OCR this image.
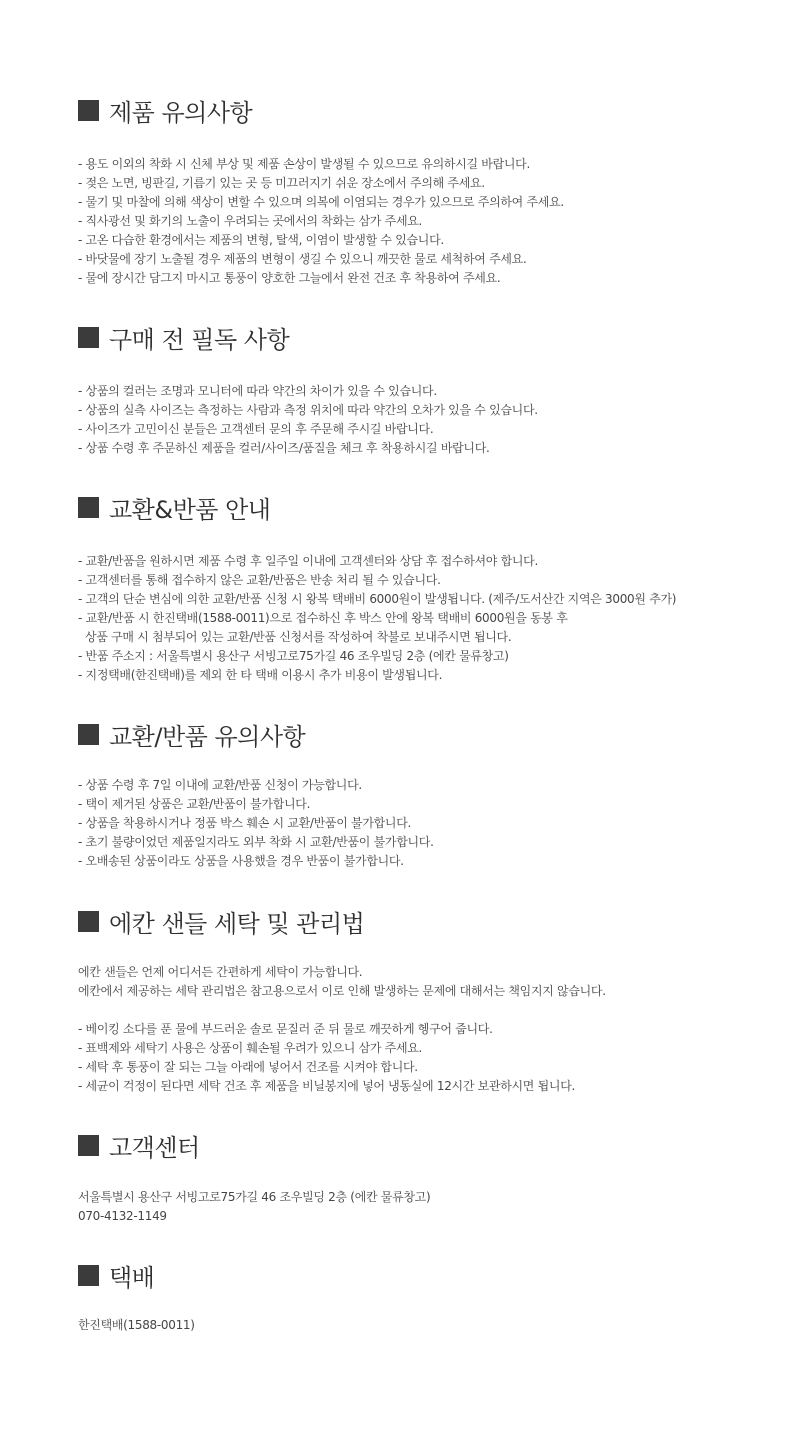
제품 유의사항
- 용도 이외의 착화 시 신체 부상 및 제품 손상이 발생될 수 있으므로 유의하시길 바랍니다.
- 젖은 노면, 빙판길, 기름기 있는 곳 등 미끄러지기 쉬운 장소에서 주의해 주세요.
- 물기 및 마찰에 의해 색상이 변할 수 있으며 의복에 이염되는 경우가 있으므로 주의하여 주세요.
- 직사광선 및 화기의 노출이 우려되는 곳에서의 착화는 삼가 주세요.
- 고온 다습한 환경에서는 제품의 변형, 탈색, 이염이 발생할 수 있습니다.
- 바닷물에 장기 노출될 경우 제품의 변형이 생길 수 있으니 깨끗한 물로 세척하여 주세요.
- 물에 장시간 담그지 마시고 통풍이 양호한 그늘에서 완전 건조 후 착용하여 주세요.
구매 전 필독 사항
- 상품의 컬러는 조명과 모니터에 따라 약간의 차이가 있을 수 있습니다.
- 상품의 실측 사이즈는 측정하는 사람과 측정 위치에 따라 약간의 오차가 있을 수 있습니다.
- 사이즈가 고민이신 분들은 고객센터 문의 후 주문해 주시길 바랍니다.
- 상품 수령 후 주문하신 제품을 컬러/사이즈/품질을 체크 후 착용하시길 바랍니다.
교환&반품 안내
- 교환/반품을 원하시면 제품 수령 후 일주일 이내에 고객센터와 상담 후 접수하셔야 합니다.
- 고객센터를 통해 접수하지 않은 교환/반품은 반송 처리 될 수 있습니다.
- 고객의 단순 변심에 의한 교환/반품 신청 시 왕복 택배비 6000원이 발생됩니다. (제주/도서산간 지역은 3000원 추가)
- 교환/반품 시 한진택배(1588-0011)으로 접수하신 후 박스 안에 왕복 택배비 6000원을 동봉 후
상품 구매 시 첨부되어 있는 교환/반품 신청서를 작성하여 착불로 보내주시면 됩니다.
- 반품 주소지 : 서울특별시 용산구 서빙고로75가길 46 조우빌딩 2층 (에칸 물류창고)
- 지정택배(한진택배)를 제외 한 타 택배 이용시 추가 비용이 발생됩니다.
교환/반품 유의사항
- 상품 수령 후 7일 이내에 교환/반품 신청이 가능합니다.
- 택이 제거된 상품은 교환/반품이 불가합니다.
- 상품을 착용하시거나 정품 박스 훼손 시 교환/반품이 불가합니다.
- 초기 불량이었던 제품일지라도 외부 착화 시 교환/반품이 불가합니다.
- 오배송된 상품이라도 상품을 사용했을 경우 반품이 불가합니다.
에칸 샌들 세탁 및 관리법
에칸 샌들은 언제 어디서든 간편하게 세탁이 가능합니다.
에칸에서 제공하는 세탁 관리법은 참고용으로서 이로 인해 발생하는 문제에 대해서는 책임지지 않습니다.
- 베이킹 소다를 푼 물에 부드러운 솔로 문질러 준 뒤 물로 깨끗하게 헹구어 줍니다.
- 표백제와 세탁기 사용은 상품이 훼손될 우려가 있으니 삼가 주세요.
- 세탁 후 통풍이 잘 되는 그늘 아래에 넣어서 건조를 시켜야 합니다.
- 세균이 걱정이 된다면 세탁 건조 후 제품을 비닐봉지에 넣어 냉동실에 12시간 보관하시면 됩니다.
고객센터
서울특별시 용산구 서빙고로75가길 46 조우빌딩 2층 (에칸 물류창고)
070-4132-1149
택배
한진택배(1588-0011)
